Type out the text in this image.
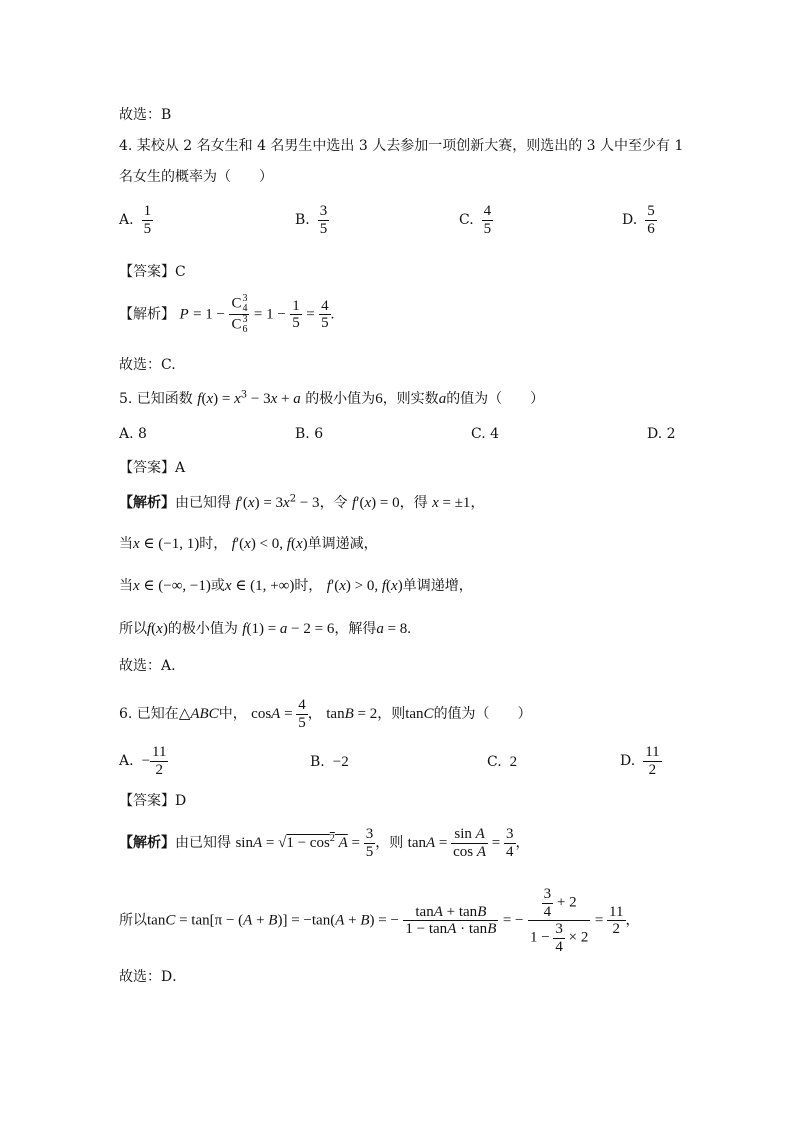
故选：B
4. 某校从 2 名女生和 4 名男生中选出 3 人去参加一项创新大赛，则选出的 3 人中至少有 1
名女生的概率为（　　）
A. $\frac{1}{5}$	B. $\frac{3}{5}$	C. $\frac{4}{5}$	D. $\frac{5}{6}$
【答案】C
【解析】 P = 1 − C 3
4
C 3
$6 = 1 - \frac{1}{5} = \frac{4}{5}$ .
故选：C.
5. 已知函数 $f(x) = x^3 - 3x + a$ 的极小值为6，则实数a的值为（　　）
A. 8	B. 6	C. 4	D. 2
【答案】A
【解析】由已知得 $f'(x) = 3x^2 - 3$，令 f′(x) = 0，得 x = ±1，
当x ∈ (−1, 1)时， f′(x) < 0, f(x)单调递减，
当x ∈ (−∞, −1)或x ∈ (1, +∞)时， f′(x) > 0, f(x)单调递增，
所以f(x)的极小值为 f(1) = a − 2 = 6，解得a = 8.
故选：A.
6. 已知在△ABC中， $\cos A = \frac{4}{5}$ ， tanB = 2，则tanC的值为（　　）
A. − $\frac{11}{2}$	B. −2	C. 2	D. $\frac{11}{2}$
【答案】D
【解析】由已知得 $\sin A = √1 - \cos^2 A = \frac{3}{5}$ ，则 $\tan A = \frac{\text{sin A}}{\text{cos A}} = \frac{3}{4}$ ，
所以tanC = tan[π − (A + B)] = −tan(A + B) = − $\frac{\tan A + \tan B}{1 - \tan A \cdot \tan B}$ = − $\frac{\frac{3}{4} + 2}{1 - \frac{3}{4} \times 2} = \frac{11}{2}$ ，
故选：D．
